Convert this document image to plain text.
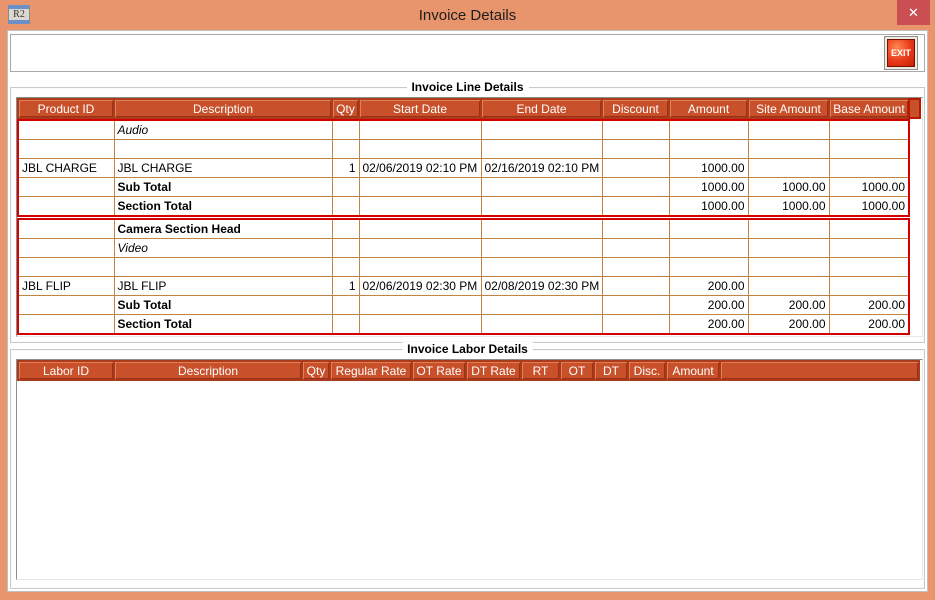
R2	Invoice Details	✕
EXIT
Invoice Line Details
Product ID	Description	Qty	Start Date	End Date	Discount	Amount	Site Amount	Base Amount
	Audio							

JBL CHARGE	JBL CHARGE	1	02/06/2019 02:10 PM	02/16/2019 02:10 PM		1000.00		
	Sub Total					1000.00	1000.00	1000.00
	Section Total					1000.00	1000.00	1000.00
	Camera Section Head							
	Video							

JBL FLIP	JBL FLIP	1	02/06/2019 02:30 PM	02/08/2019 02:30 PM		200.00		
	Sub Total					200.00	200.00	200.00
	Section Total					200.00	200.00	200.00
Invoice Labor Details
Labor ID	Description	Qty	Regular Rate	OT Rate	DT Rate	RT	OT	DT	Disc.	Amount	
